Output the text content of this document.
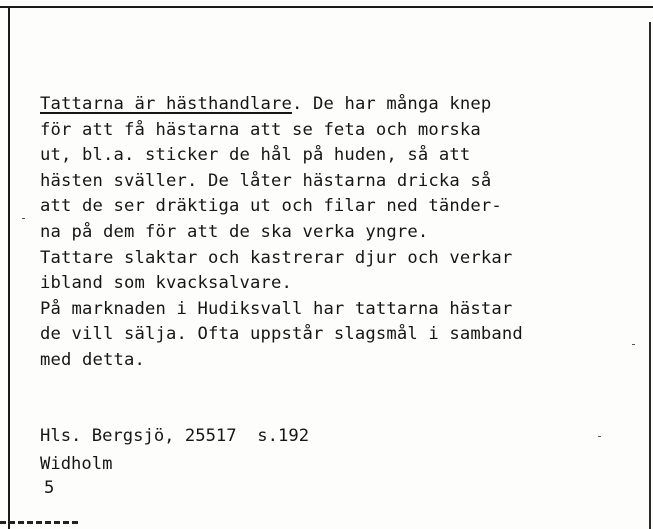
Tattarna är hästhandlare. De har många knep
för att få hästarna att se feta och morska
ut, bl.a. sticker de hål på huden, så att
hästen sväller. De låter hästarna dricka så
att de ser dräktiga ut och filar ned tänder-
na på dem för att de ska verka yngre.
Tattare slaktar och kastrerar djur och verkar
ibland som kvacksalvare.
På marknaden i Hudiksvall har tattarna hästar
de vill sälja. Ofta uppstår slagsmål i samband
med detta.
Hls. Bergsjö, 25517  s.192
Widholm
5
